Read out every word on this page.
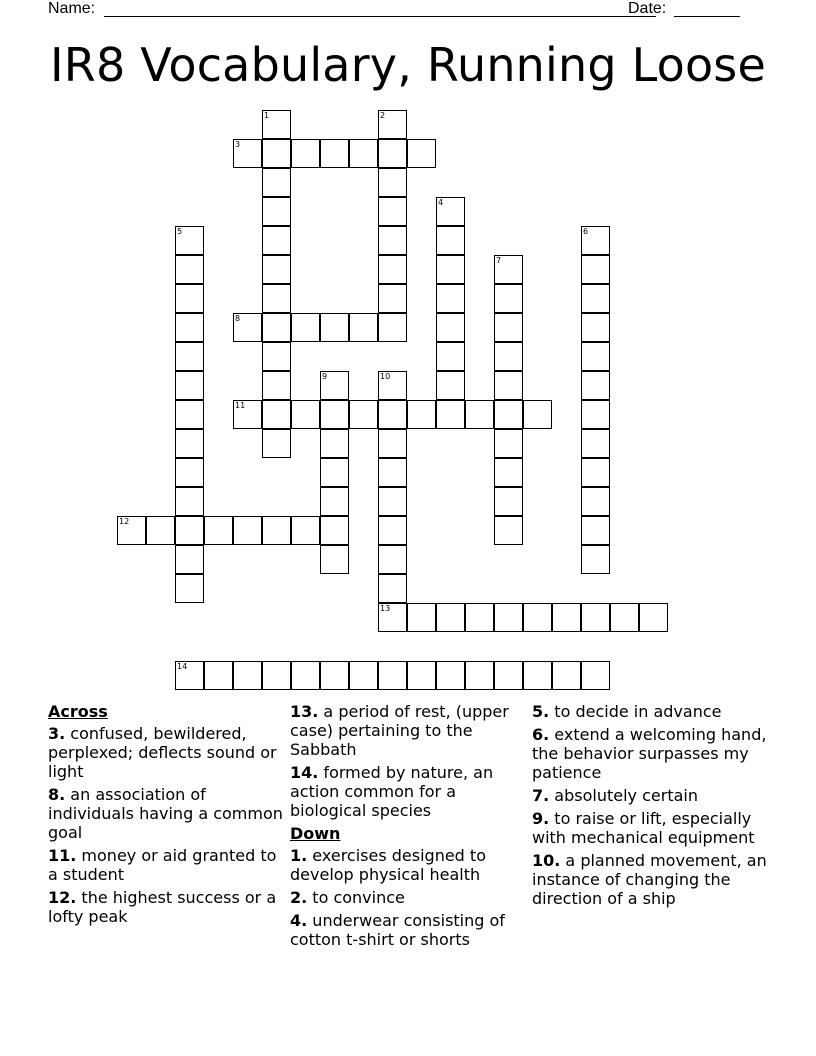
Name:	Date:
IR8 Vocabulary, Running Loose
1	2
3
4
5	6
7
8
9	10
13
11
12
14
Across
3. confused, bewildered, perplexed; deflects sound or light
8. an association of individuals having a common goal
11. money or aid granted to a student
12. the highest success or a lofty peak
13. a period of rest, (upper case) pertaining to the Sabbath
14. formed by nature, an action common for a biological species
Down
1. exercises designed to develop physical health
2. to convince
4. underwear consisting of cotton t-shirt or shorts
5. to decide in advance
6. extend a welcoming hand, the behavior surpasses my patience
7. absolutely certain
9. to raise or lift, especially with mechanical equipment
10. a planned movement, an instance of changing the direction of a ship
